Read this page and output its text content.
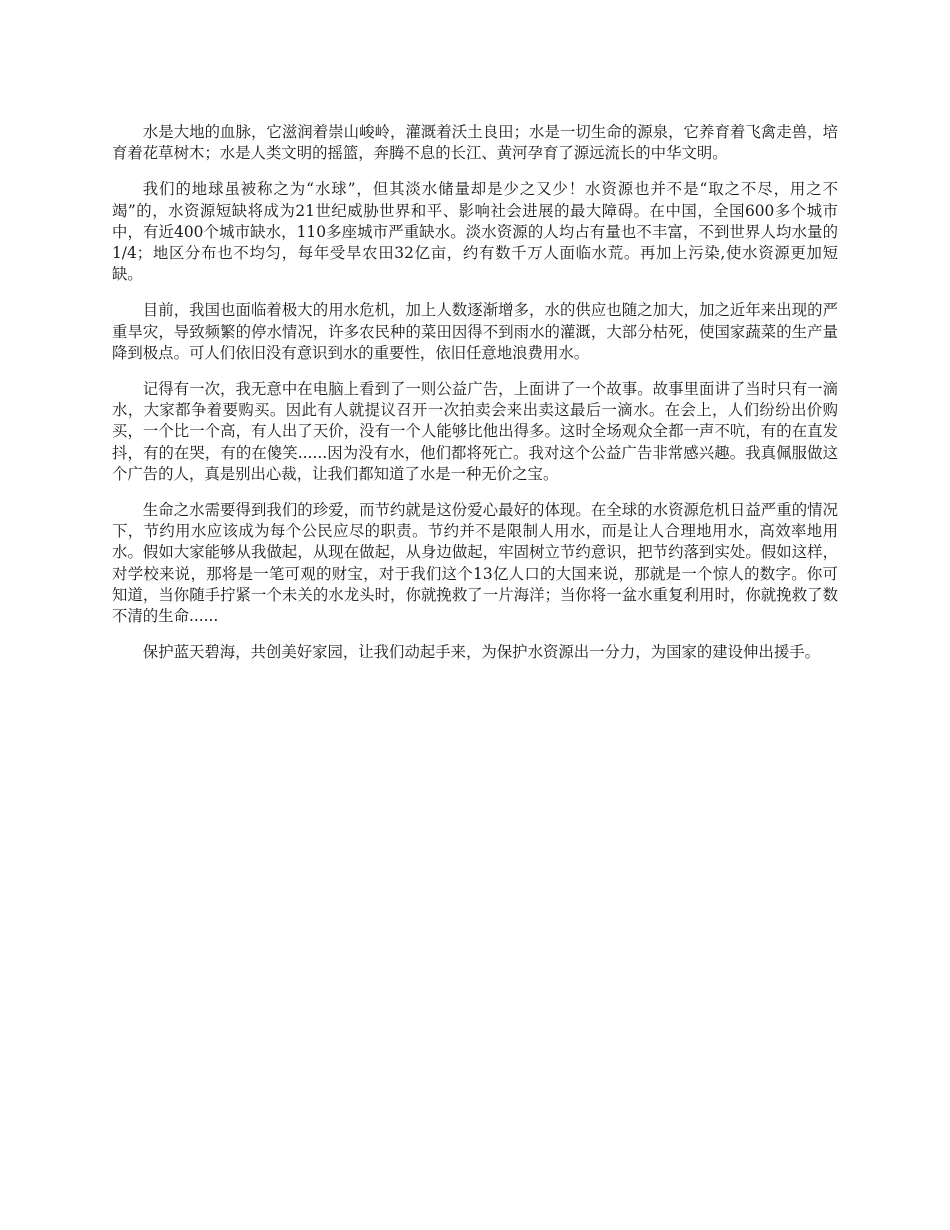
水是大地的血脉，它滋润着崇山峻岭，灌溉着沃土良田；水是一切生命的源泉，它养育着飞禽走兽，培育着花草树木；水是人类文明的摇篮，奔腾不息的长江、黄河孕育了源远流长的中华文明。

我们的地球虽被称之为“水球”，但其淡水储量却是少之又少！水资源也并不是“取之不尽，用之不竭”的，水资源短缺将成为21世纪威胁世界和平、影响社会进展的最大障碍。在中国，全国600多个城市中，有近400个城市缺水，110多座城市严重缺水。淡水资源的人均占有量也不丰富，不到世界人均水量的1/4；地区分布也不均匀，每年受旱农田32亿亩，约有数千万人面临水荒。再加上污染,使水资源更加短缺。

目前，我国也面临着极大的用水危机，加上人数逐渐增多，水的供应也随之加大，加之近年来出现的严重旱灾，导致频繁的停水情况，许多农民种的菜田因得不到雨水的灌溉，大部分枯死，使国家蔬菜的生产量降到极点。可人们依旧没有意识到水的重要性，依旧任意地浪费用水。

记得有一次，我无意中在电脑上看到了一则公益广告，上面讲了一个故事。故事里面讲了当时只有一滴水，大家都争着要购买。因此有人就提议召开一次拍卖会来出卖这最后一滴水。在会上，人们纷纷出价购买，一个比一个高，有人出了天价，没有一个人能够比他出得多。这时全场观众全都一声不吭，有的在直发抖，有的在哭，有的在傻笑......因为没有水，他们都将死亡。我对这个公益广告非常感兴趣。我真佩服做这个广告的人，真是别出心裁，让我们都知道了水是一种无价之宝。

生命之水需要得到我们的珍爱，而节约就是这份爱心最好的体现。在全球的水资源危机日益严重的情况下，节约用水应该成为每个公民应尽的职责。节约并不是限制人用水，而是让人合理地用水，高效率地用水。假如大家能够从我做起，从现在做起，从身边做起，牢固树立节约意识，把节约落到实处。假如这样，对学校来说，那将是一笔可观的财宝，对于我们这个13亿人口的大国来说，那就是一个惊人的数字。你可知道，当你随手拧紧一个未关的水龙头时，你就挽救了一片海洋；当你将一盆水重复利用时，你就挽救了数不清的生命......

保护蓝天碧海，共创美好家园，让我们动起手来，为保护水资源出一分力，为国家的建设伸出援手。
